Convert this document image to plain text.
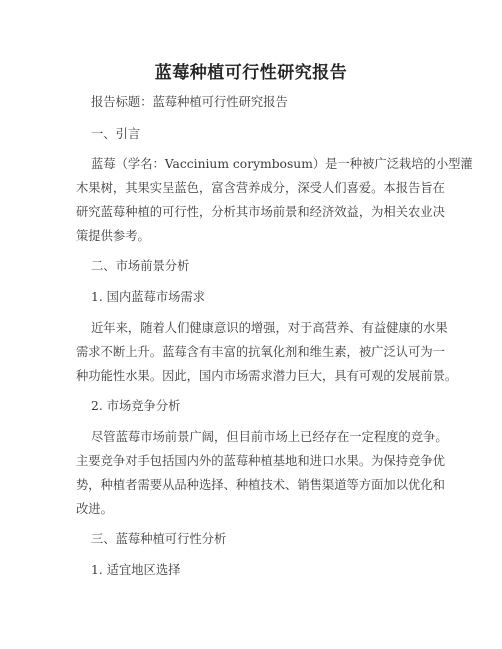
蓝莓种植可行性研究报告
报告标题：蓝莓种植可行性研究报告
一、引言
蓝莓（学名：Vaccinium corymbosum）是一种被广泛栽培的小型灌
木果树，其果实呈蓝色，富含营养成分，深受人们喜爱。本报告旨在
研究蓝莓种植的可行性，分析其市场前景和经济效益，为相关农业决
策提供参考。
二、市场前景分析
1. 国内蓝莓市场需求
近年来，随着人们健康意识的增强，对于高营养、有益健康的水果
需求不断上升。蓝莓含有丰富的抗氧化剂和维生素，被广泛认可为一
种功能性水果。因此，国内市场需求潜力巨大，具有可观的发展前景。
2. 市场竞争分析
尽管蓝莓市场前景广阔，但目前市场上已经存在一定程度的竞争。
主要竞争对手包括国内外的蓝莓种植基地和进口水果。为保持竞争优
势，种植者需要从品种选择、种植技术、销售渠道等方面加以优化和
改进。
三、蓝莓种植可行性分析
1. 适宜地区选择
